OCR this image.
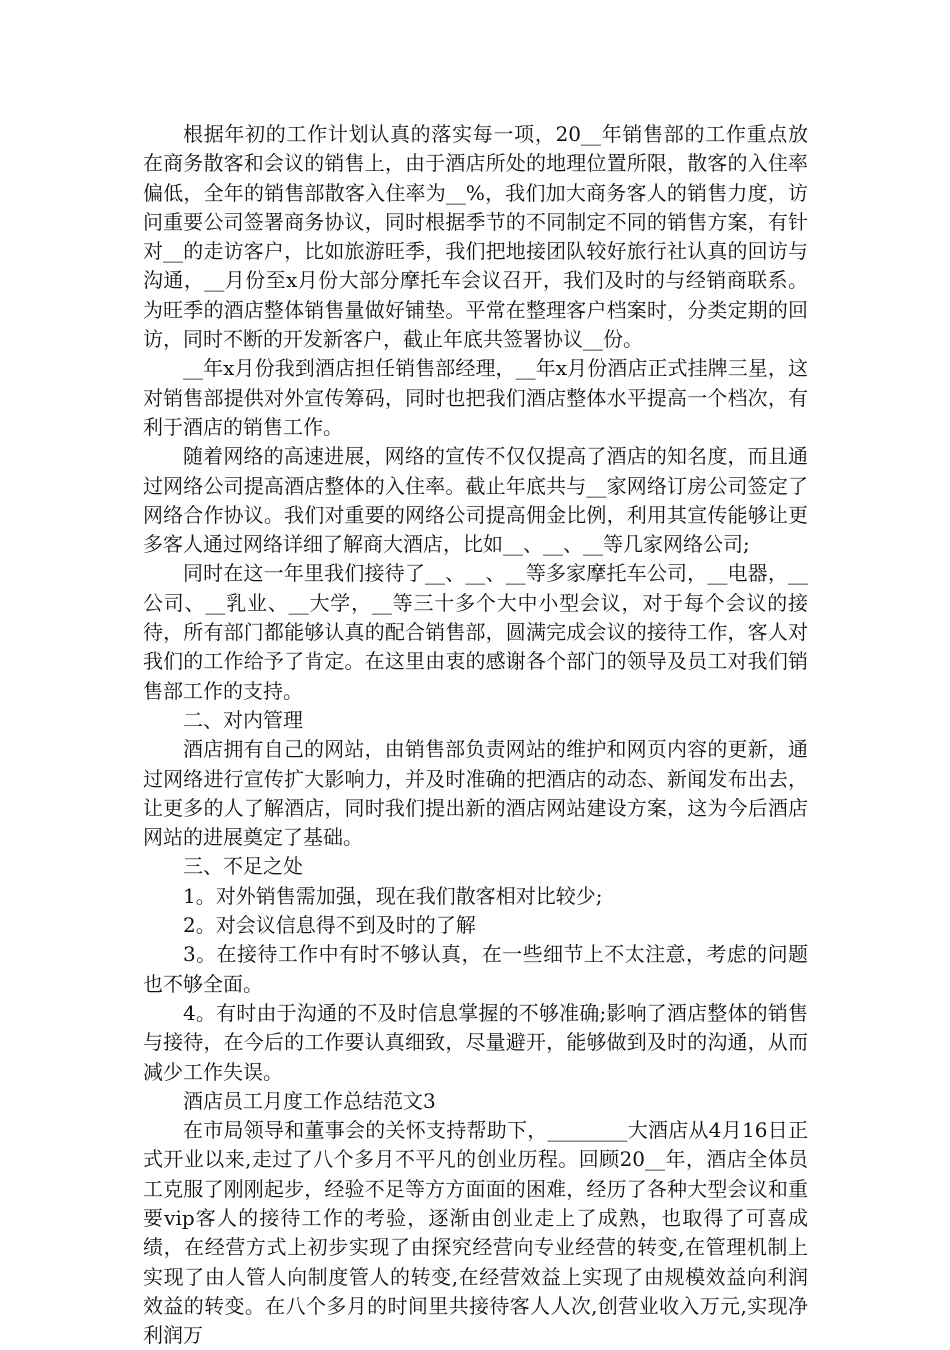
根据年初的工作计划认真的落实每一项，20__年销售部的工作重点放在商务散客和会议的销售上，由于酒店所处的地理位置所限，散客的入住率偏低，全年的销售部散客入住率为__%，我们加大商务客人的销售力度，访问重要公司签署商务协议，同时根据季节的不同制定不同的销售方案，有针对__的走访客户，比如旅游旺季，我们把地接团队较好旅行社认真的回访与沟通，__月份至x月份大部分摩托车会议召开，我们及时的与经销商联系。为旺季的酒店整体销售量做好铺垫。平常在整理客户档案时，分类定期的回访，同时不断的开发新客户，截止年底共签署协议__份。

__年x月份我到酒店担任销售部经理，__年x月份酒店正式挂牌三星，这对销售部提供对外宣传筹码，同时也把我们酒店整体水平提高一个档次，有利于酒店的销售工作。

随着网络的高速进展，网络的宣传不仅仅提高了酒店的知名度，而且通过网络公司提高酒店整体的入住率。截止年底共与__家网络订房公司签定了网络合作协议。我们对重要的网络公司提高佣金比例，利用其宣传能够让更多客人通过网络详细了解商大酒店，比如__、__、__等几家网络公司;

同时在这一年里我们接待了__、__、__等多家摩托车公司，__电器，__公司、__乳业、__大学，__等三十多个大中小型会议，对于每个会议的接待，所有部门都能够认真的配合销售部，圆满完成会议的接待工作，客人对我们的工作给予了肯定。在这里由衷的感谢各个部门的领导及员工对我们销售部工作的支持。

二、对内管理

酒店拥有自己的网站，由销售部负责网站的维护和网页内容的更新，通过网络进行宣传扩大影响力，并及时准确的把酒店的动态、新闻发布出去，让更多的人了解酒店，同时我们提出新的酒店网站建设方案，这为今后酒店网站的进展奠定了基础。

三、不足之处

1。对外销售需加强，现在我们散客相对比较少;

2。对会议信息得不到及时的了解

3。在接待工作中有时不够认真，在一些细节上不太注意，考虑的问题也不够全面。

4。有时由于沟通的不及时信息掌握的不够准确;影响了酒店整体的销售与接待，在今后的工作要认真细致，尽量避开，能够做到及时的沟通，从而减少工作失误。

酒店员工月度工作总结范文3

在市局领导和董事会的关怀支持帮助下，________大酒店从4月16日正式开业以来,走过了八个多月不平凡的创业历程。回顾20__年，酒店全体员工克服了刚刚起步，经验不足等方方面面的困难，经历了各种大型会议和重要vip客人的接待工作的考验，逐渐由创业走上了成熟，也取得了可喜成绩，在经营方式上初步实现了由探究经营向专业经营的转变,在管理机制上实现了由人管人向制度管人的转变,在经营效益上实现了由规模效益向利润效益的转变。在八个多月的时间里共接待客人人次,创营业收入万元,实现净利润万
